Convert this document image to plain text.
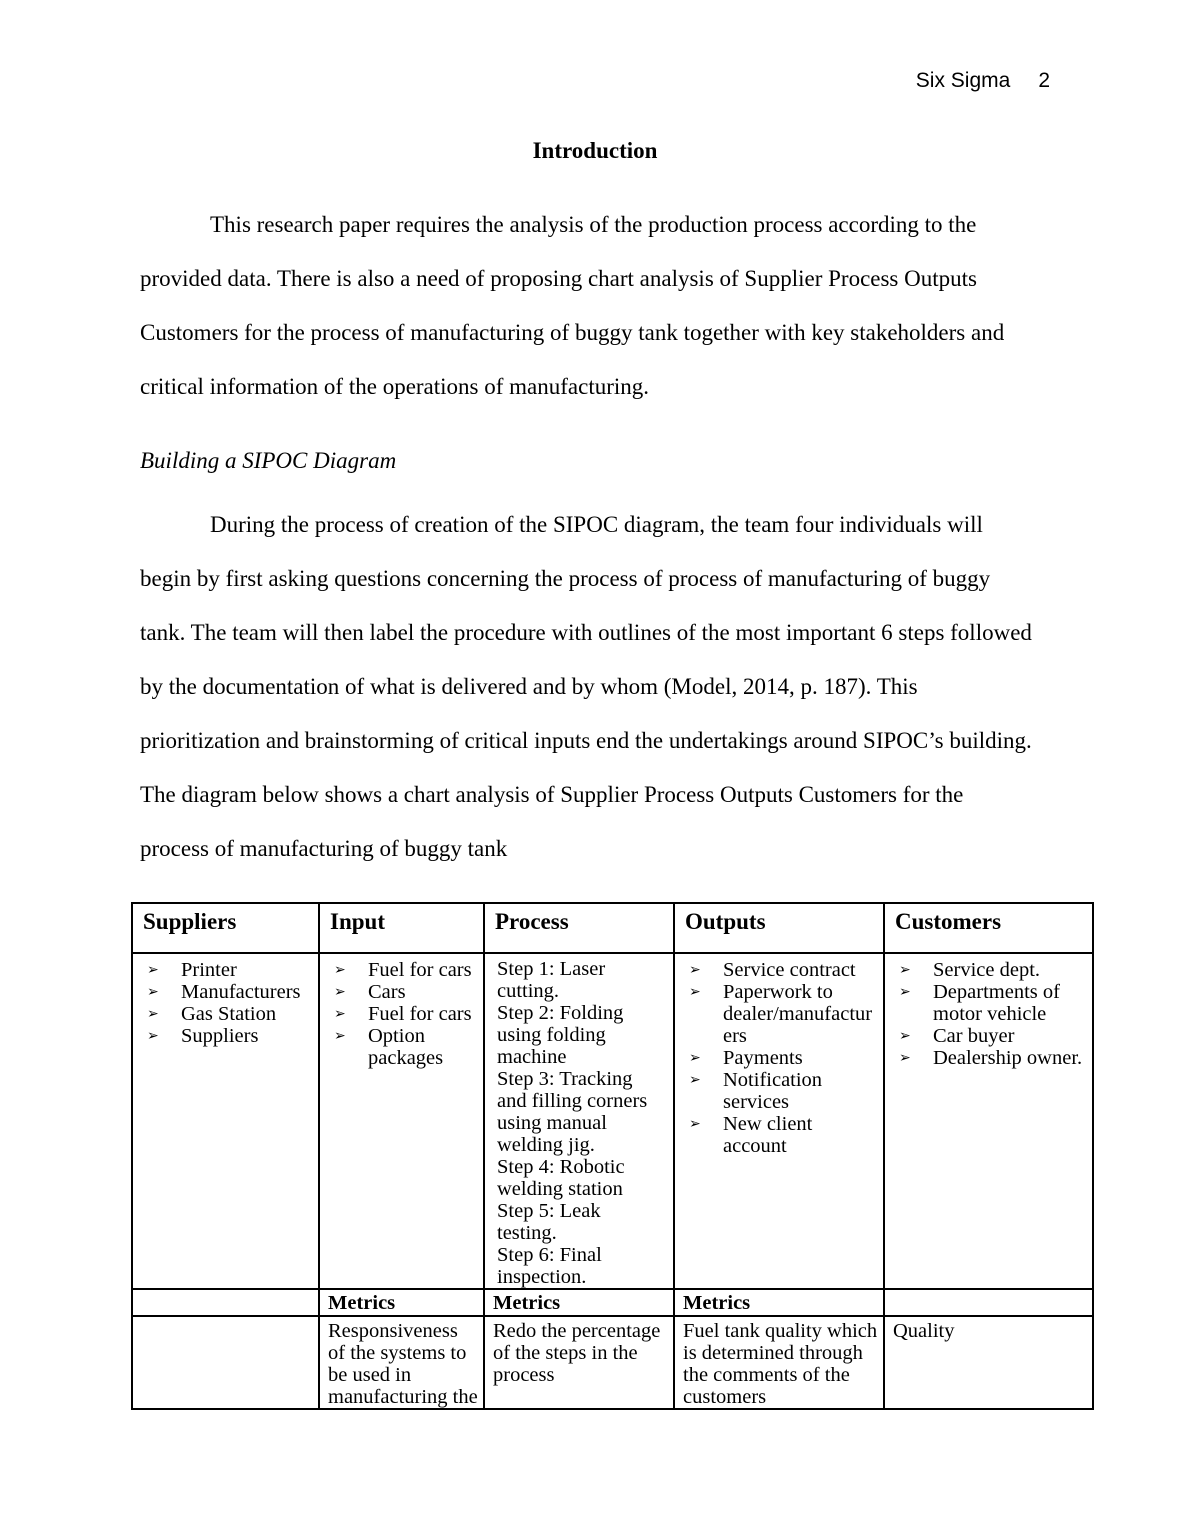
Six Sigma 2
Introduction
This research paper requires the analysis of the production process according to the
provided data. There is also a need of proposing chart analysis of Supplier Process Outputs
Customers for the process of manufacturing of buggy tank together with key stakeholders and
critical information of the operations of manufacturing.
Building a SIPOC Diagram
During the process of creation of the SIPOC diagram, the team four individuals will
begin by first asking questions concerning the process of process of manufacturing of buggy
tank. The team will then label the procedure with outlines of the most important 6 steps followed
by the documentation of what is delivered and by whom (Model, 2014, p. 187). This
prioritization and brainstorming of critical inputs end the undertakings around SIPOC’s building.
The diagram below shows a chart analysis of Supplier Process Outputs Customers for the
process of manufacturing of buggy tank
Suppliers	Input	Process	Outputs	Customers

➢	Printer
➢	Manufacturers
➢	Gas Station
➢	Suppliers

➢	Fuel for cars
➢	Cars
➢	Fuel for cars
➢	Option packages

Step 1: Laser cutting.
Step 2: Folding using folding machine
Step 3: Tracking and filling corners using manual welding jig.
Step 4: Robotic welding station
Step 5: Leak testing.
Step 6: Final inspection.

➢	Service contract
➢	Paperwork to dealer/manufacturers
➢	Payments
➢	Notification services
➢	New client account

➢	Service dept.
➢	Departments of motor vehicle
➢	Car buyer
➢	Dealership owner.

	Metrics	Metrics	Metrics	
	Responsiveness of the systems to be used in manufacturing the	Redo the percentage of the steps in the process	Fuel tank quality which is determined through the comments of the customers	Quality
